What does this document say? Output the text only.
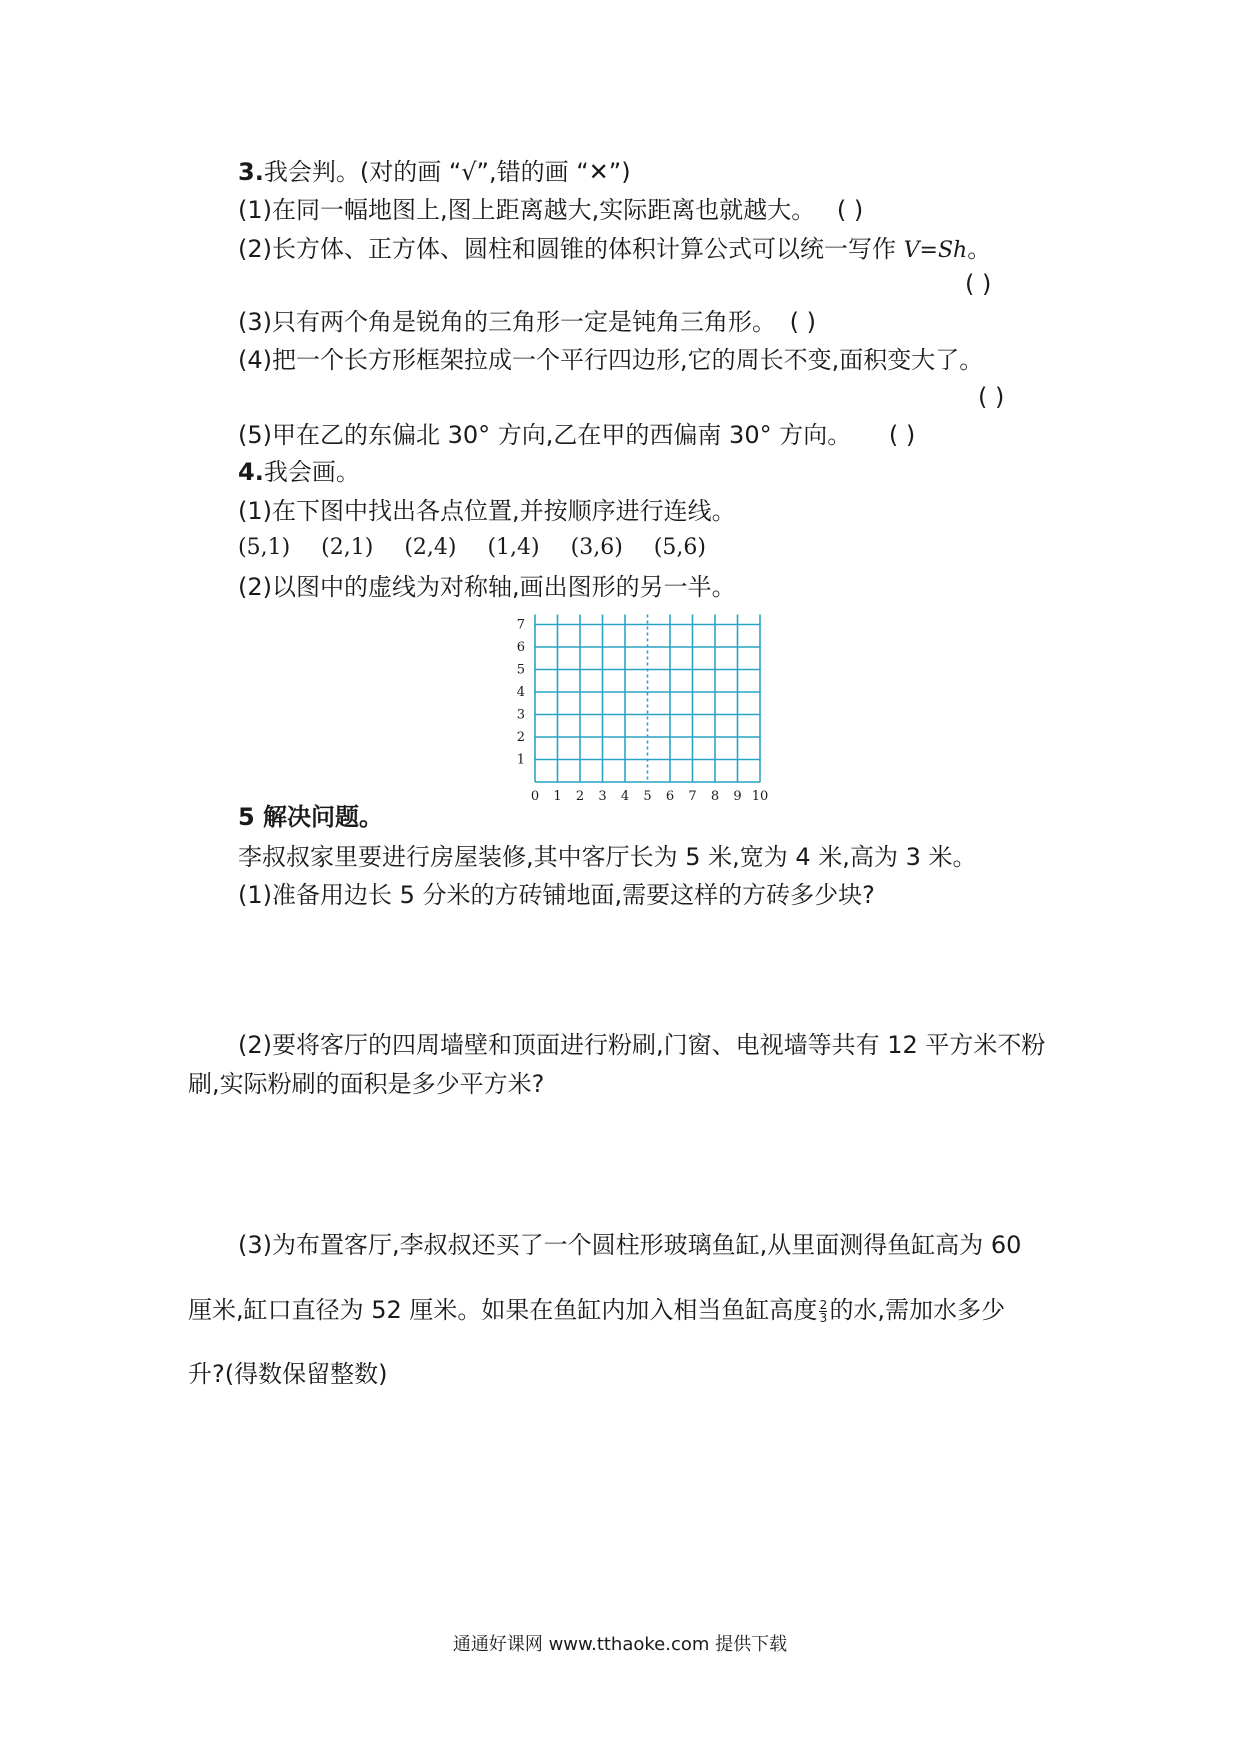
3.我会判。(对的画 “√”,错的画 “✕”)
(1)在同一幅地图上,图上距离越大,实际距离也就越大。 ( )
(2)长方体、正方体、圆柱和圆锥的体积计算公式可以统一写作 V=Sh。
( )
(3)只有两个角是锐角的三角形一定是钝角三角形。 ( )
(4)把一个长方形框架拉成一个平行四边形,它的周长不变,面积变大了。
( )
(5)甲在乙的东偏北 30° 方向,乙在甲的西偏南 30° 方向。 ( )
4.我会画。
(1)在下图中找出各点位置,并按顺序进行连线。
(5,1) (2,1) (2,4) (1,4) (3,6) (5,6)
(2)以图中的虚线为对称轴,画出图形的另一半。
0 1 2 3 4 5 6 7 8 9 10
1
2
3
4
5
6
7
5 解决问题。
李叔叔家里要进行房屋装修,其中客厅长为 5 米,宽为 4 米,高为 3 米。
(1)准备用边长 5 分米的方砖铺地面,需要这样的方砖多少块?
(2)要将客厅的四周墙壁和顶面进行粉刷,门窗、电视墙等共有 12 平方米不粉
刷,实际粉刷的面积是多少平方米?
(3)为布置客厅,李叔叔还买了一个圆柱形玻璃鱼缸,从里面测得鱼缸高为 60
厘米,缸口直径为 52 厘米。如果在鱼缸内加入相当鱼缸高度 $\frac{2}{3}$ 的水,需加水多少
升?(得数保留整数)
通通好课网 www.tthaoke.com 提供下载
